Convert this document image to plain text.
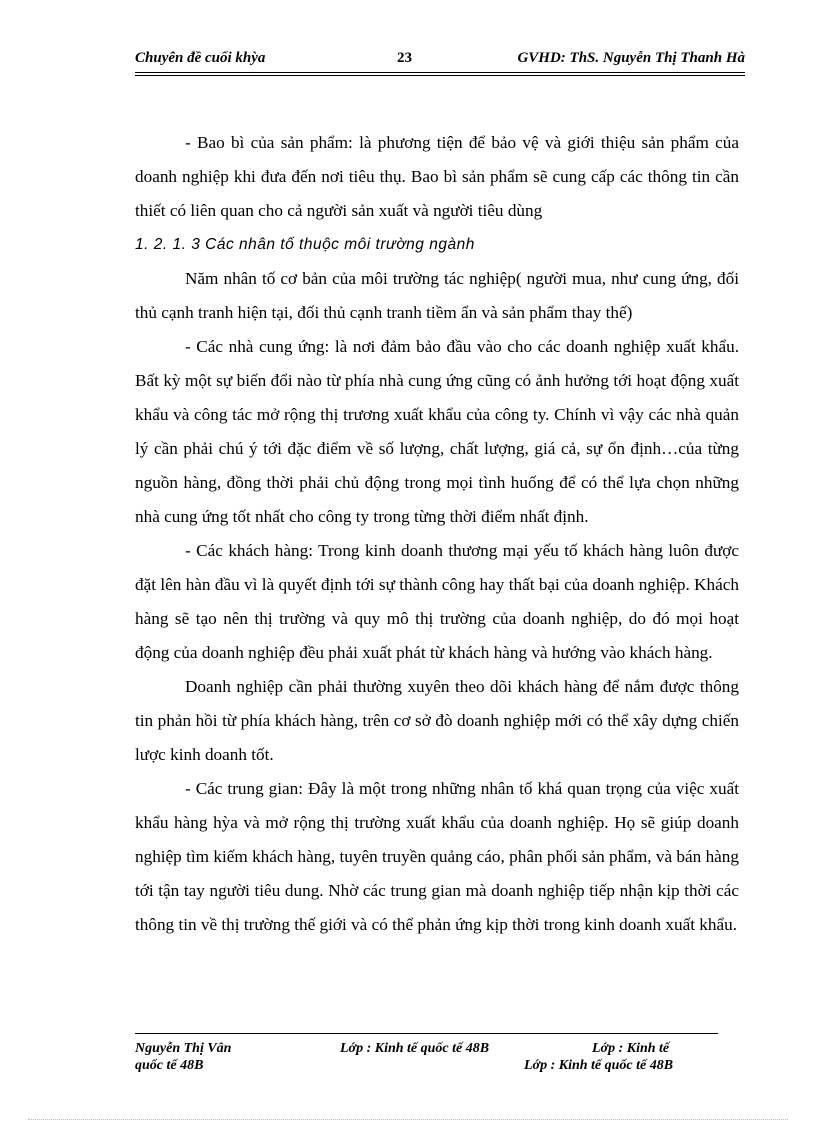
Chuyên đề cuối khỳa	23	GVHD: ThS. Nguyễn Thị Thanh Hà

- Bao bì của sản phẩm: là phương tiện để bảo vệ và giới thiệu sản phẩm của doanh nghiệp khi đưa đến nơi tiêu thụ. Bao bì sản phẩm sẽ cung cấp các thông tin cần thiết có liên quan cho cả người sản xuất và người tiêu dùng

1. 2. 1. 3 Các nhân tố thuộc môi trường ngành

Năm nhân tố cơ bản của môi trường tác nghiệp( người mua, như cung ứng, đối thủ cạnh tranh hiện tại, đối thủ cạnh tranh tiềm ẩn và sản phẩm thay thế)

- Các nhà cung ứng: là nơi đảm bảo đầu vào cho các doanh nghiệp xuất khẩu. Bất kỳ một sự biến đổi nào từ phía nhà cung ứng cũng có ảnh hưởng tới hoạt động xuất khẩu và công tác mở rộng thị trương xuất khẩu của công ty. Chính vì vậy các nhà quản lý cần phải chú ý tới đặc điểm về số lượng, chất lượng, giá cả, sự ổn định…của từng nguồn hàng, đồng thời phải chủ động trong mọi tình huống để có thể lựa chọn những nhà cung ứng tốt nhất cho công ty trong từng thời điểm nhất định.

- Các khách hàng: Trong kinh doanh thương mại yếu tố khách hàng luôn được đặt lên hàn đầu vì là quyết định tới sự thành công hay thất bại của doanh nghiệp. Khách hàng sẽ tạo nên thị trường và quy mô thị trường của doanh nghiệp, do đó mọi hoạt động của doanh nghiệp đều phải xuất phát từ khách hàng và hướng vào khách hàng.

Doanh nghiệp cần phải thường xuyên theo dõi khách hàng để nắm được thông tin phản hồi từ phía khách hàng, trên cơ sở đò doanh nghiệp mới có thể xây dựng chiến lược kinh doanh tốt.

- Các trung gian: Đây là một trong những nhân tố khá quan trọng của việc xuất khẩu hàng hỳa và mở rộng thị trường xuất khẩu của doanh nghiệp. Họ sẽ giúp doanh nghiệp tìm kiếm khách hàng, tuyên truyền quảng cáo, phân phối sản phẩm, và bán hàng tới tận tay người tiêu dung. Nhờ các trung gian mà doanh nghiệp tiếp nhận kịp thời các thông tin về thị trường thế giới và có thể phản ứng kịp thời trong kinh doanh xuất khẩu.

Nguyễn Thị Vân	Lớp : Kinh tế quốc tế 48B	Lớp : Kinh tế
quốc tế 48B	Lớp : Kinh tế quốc tế 48B
